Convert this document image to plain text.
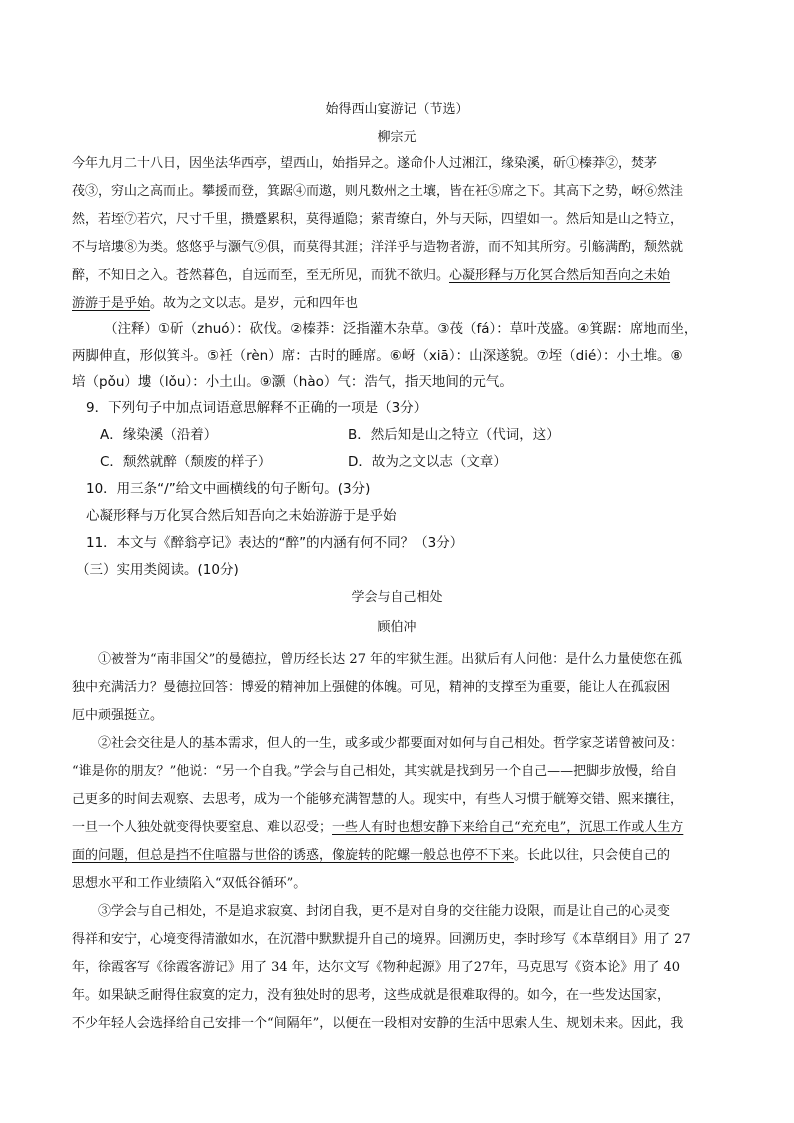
始得西山宴游记（节选）
柳宗元
今年九月二十八日，因坐法华西亭，望西山，始指异之。遂命仆人过湘江，缘染溪，斫①榛莽②，焚茅
茷③，穷山之高而止。攀援而登，箕踞④而遨，则凡数州之土壤，皆在衽⑤席之下。其高下之势，岈⑥然洼
然，若垤⑦若穴，尺寸千里，攒蹙累积，莫得遁隐；萦青缭白，外与天际，四望如一。然后知是山之特立，
不与培塿⑧为类。悠悠乎与灏气⑨俱，而莫得其涯；洋洋乎与造物者游，而不知其所穷。引觞满酌，颓然就
醉，不知日之入。苍然暮色，自远而至，至无所见，而犹不欲归。心凝形释与万化冥合然后知吾向之未始
游游于是乎始。故为之文以志。是岁，元和四年也
（注释）①斫（zhuó）：砍伐。②榛莽：泛指灌木杂草。③茷（fá）：草叶茂盛。④箕踞：席地而坐，
两脚伸直，形似箕斗。⑤衽（rèn）席：古时的睡席。⑥岈（xiā）：山深遂貌。⑦垤（dié）：小土堆。⑧
培（pǒu）塿（lǒu）：小土山。⑨灏（hào）气：浩气，指天地间的元气。
9．下列句子中加点词语意思解释不正确的一项是（3分）
A．缘染溪（沿着）	B．然后知是山之特立（代词，这）
C．颓然就醉（颓废的样子）	D．故为之文以志（文章）
10．用三条“/”给文中画横线的句子断句。(3分)
心凝形释与万化冥合然后知吾向之未始游游于是乎始
11．本文与《醉翁亭记》表达的“醉”的内涵有何不同？（3分）
（三）实用类阅读。(10分)
学会与自己相处
顾伯冲
①被誉为“南非国父”的曼德拉，曾历经长达 27 年的牢狱生涯。出狱后有人问他：是什么力量使您在孤
独中充满活力？曼德拉回答：博爱的精神加上强健的体魄。可见，精神的支撑至为重要，能让人在孤寂困
厄中顽强挺立。
②社会交往是人的基本需求，但人的一生，或多或少都要面对如何与自己相处。哲学家芝诺曾被问及：
“谁是你的朋友？”他说：“另一个自我。”学会与自己相处，其实就是找到另一个自己——把脚步放慢，给自
己更多的时间去观察、去思考，成为一个能够充满智慧的人。现实中，有些人习惯于觥筹交错、熙来攘往，
一旦一个人独处就变得快要窒息、难以忍受；一些人有时也想安静下来给自己“充充电”，沉思工作或人生方
面的问题，但总是挡不住喧嚣与世俗的诱惑，像旋转的陀螺一般总也停不下来。长此以往，只会使自己的
思想水平和工作业绩陷入“双低谷循环”。
③学会与自己相处，不是追求寂寞、封闭自我，更不是对自身的交往能力设限，而是让自己的心灵变
得祥和安宁，心境变得清澈如水，在沉潜中默默提升自己的境界。回溯历史，李时珍写《本草纲目》用了 27
年，徐霞客写《徐霞客游记》用了 34 年，达尔文写《物种起源》用了27年，马克思写《资本论》用了 40
年。如果缺乏耐得住寂寞的定力，没有独处时的思考，这些成就是很难取得的。如今，在一些发达国家，
不少年轻人会选择给自己安排一个“间隔年”，以便在一段相对安静的生活中思索人生、规划未来。因此，我
